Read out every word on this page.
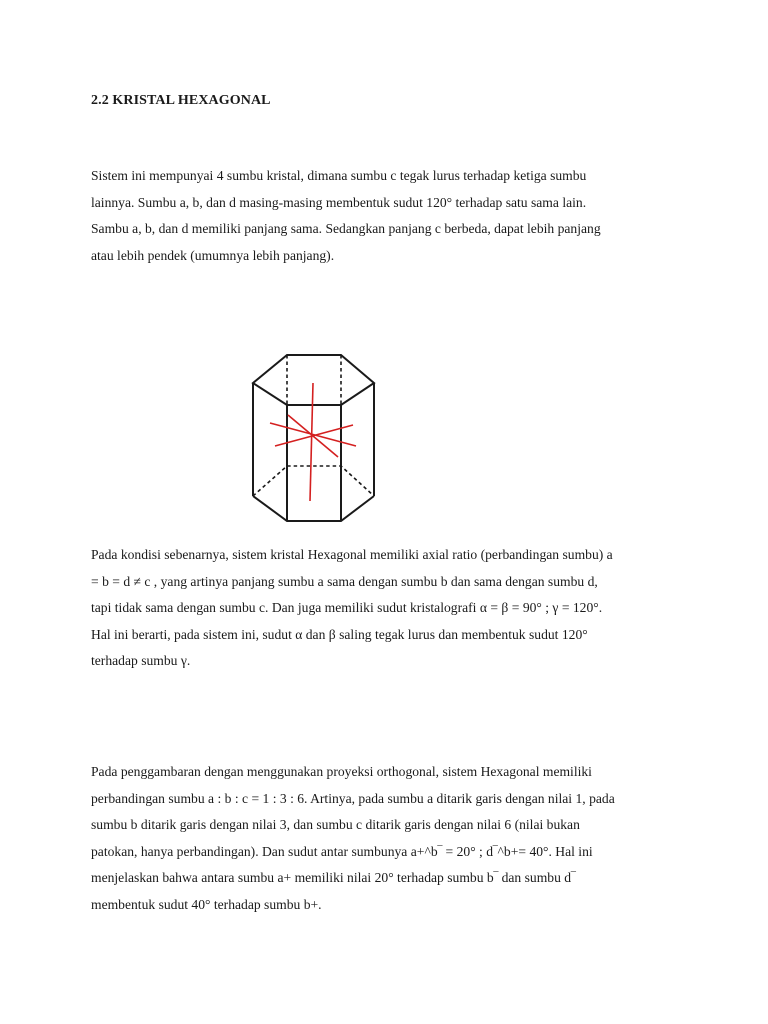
2.2 KRISTAL HEXAGONAL

Sistem ini mempunyai 4 sumbu kristal, dimana sumbu c tegak lurus terhadap ketiga sumbu
lainnya. Sumbu a, b, dan d masing-masing membentuk sudut 120° terhadap satu sama lain.
Sambu a, b, dan d memiliki panjang sama. Sedangkan panjang c berbeda, dapat lebih panjang
atau lebih pendek (umumnya lebih panjang).

Pada kondisi sebenarnya, sistem kristal Hexagonal memiliki axial ratio (perbandingan sumbu) a
= b = d ≠ c , yang artinya panjang sumbu a sama dengan sumbu b dan sama dengan sumbu d,
tapi tidak sama dengan sumbu c. Dan juga memiliki sudut kristalografi α = β = 90° ; γ = 120°.
Hal ini berarti, pada sistem ini, sudut α dan β saling tegak lurus dan membentuk sudut 120°
terhadap sumbu γ.

Pada penggambaran dengan menggunakan proyeksi orthogonal, sistem Hexagonal memiliki
perbandingan sumbu a : b : c = 1 : 3 : 6. Artinya, pada sumbu a ditarik garis dengan nilai 1, pada
sumbu b ditarik garis dengan nilai 3, dan sumbu c ditarik garis dengan nilai 6 (nilai bukan
patokan, hanya perbandingan). Dan sudut antar sumbunya a+^b‾ = 20° ; d‾^b+= 40°. Hal ini
menjelaskan bahwa antara sumbu a+ memiliki nilai 20° terhadap sumbu b‾ dan sumbu d‾
membentuk sudut 40° terhadap sumbu b+.
